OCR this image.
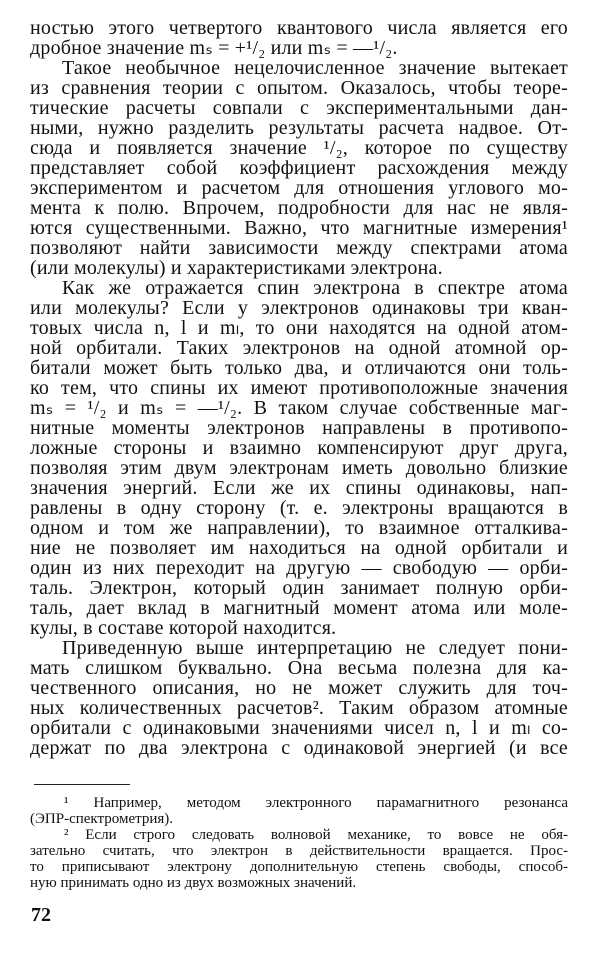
ностью этого четвертого квантового числа является его
дробное значение mₛ = +¹/₂ или mₛ = —¹/₂.
Такое необычное нецелочисленное значение вытекает
из сравнения теории с опытом. Оказалось, чтобы теоре-
тические расчеты совпали с экспериментальными дан-
ными, нужно разделить результаты расчета надвое. От-
сюда и появляется значение ¹/₂, которое по существу
представляет собой коэффициент расхождения между
экспериментом и расчетом для отношения углового мо-
мента к полю. Впрочем, подробности для нас не явля-
ются существенными. Важно, что магнитные измерения¹
позволяют найти зависимости между спектрами атома
(или молекулы) и характеристиками электрона.
Как же отражается спин электрона в спектре атома
или молекулы? Если у электронов одинаковы три кван-
товых числа n, l и mₗ, то они находятся на одной атом-
ной орбитали. Таких электронов на одной атомной ор-
битали может быть только два, и отличаются они толь-
ко тем, что спины их имеют противоположные значения
mₛ = ¹/₂ и mₛ = —¹/₂. В таком случае собственные маг-
нитные моменты электронов направлены в противопо-
ложные стороны и взаимно компенсируют друг друга,
позволяя этим двум электронам иметь довольно близкие
значения энергий. Если же их спины одинаковы, нап-
равлены в одну сторону (т. е. электроны вращаются в
одном и том же направлении), то взаимное отталкива-
ние не позволяет им находиться на одной орбитали и
один из них переходит на другую — свободую — орби-
таль. Электрон, который один занимает полную орби-
таль, дает вклад в магнитный момент атома или моле-
кулы, в составе которой находится.
Приведенную выше интерпретацию не следует пони-
мать слишком буквально. Она весьма полезна для ка-
чественного описания, но не может служить для точ-
ных количественных расчетов². Таким образом атомные
орбитали с одинаковыми значениями чисел n, l и mₗ со-
держат по два электрона с одинаковой энергией (и все
¹ Например, методом электронного парамагнитного резонанса
(ЭПР-спектрометрия).
² Если строго следовать волновой механике, то вовсе не обя-
зательно считать, что электрон в действительности вращается. Прос-
то приписывают электрону дополнительную степень свободы, способ-
ную принимать одно из двух возможных значений.
72
